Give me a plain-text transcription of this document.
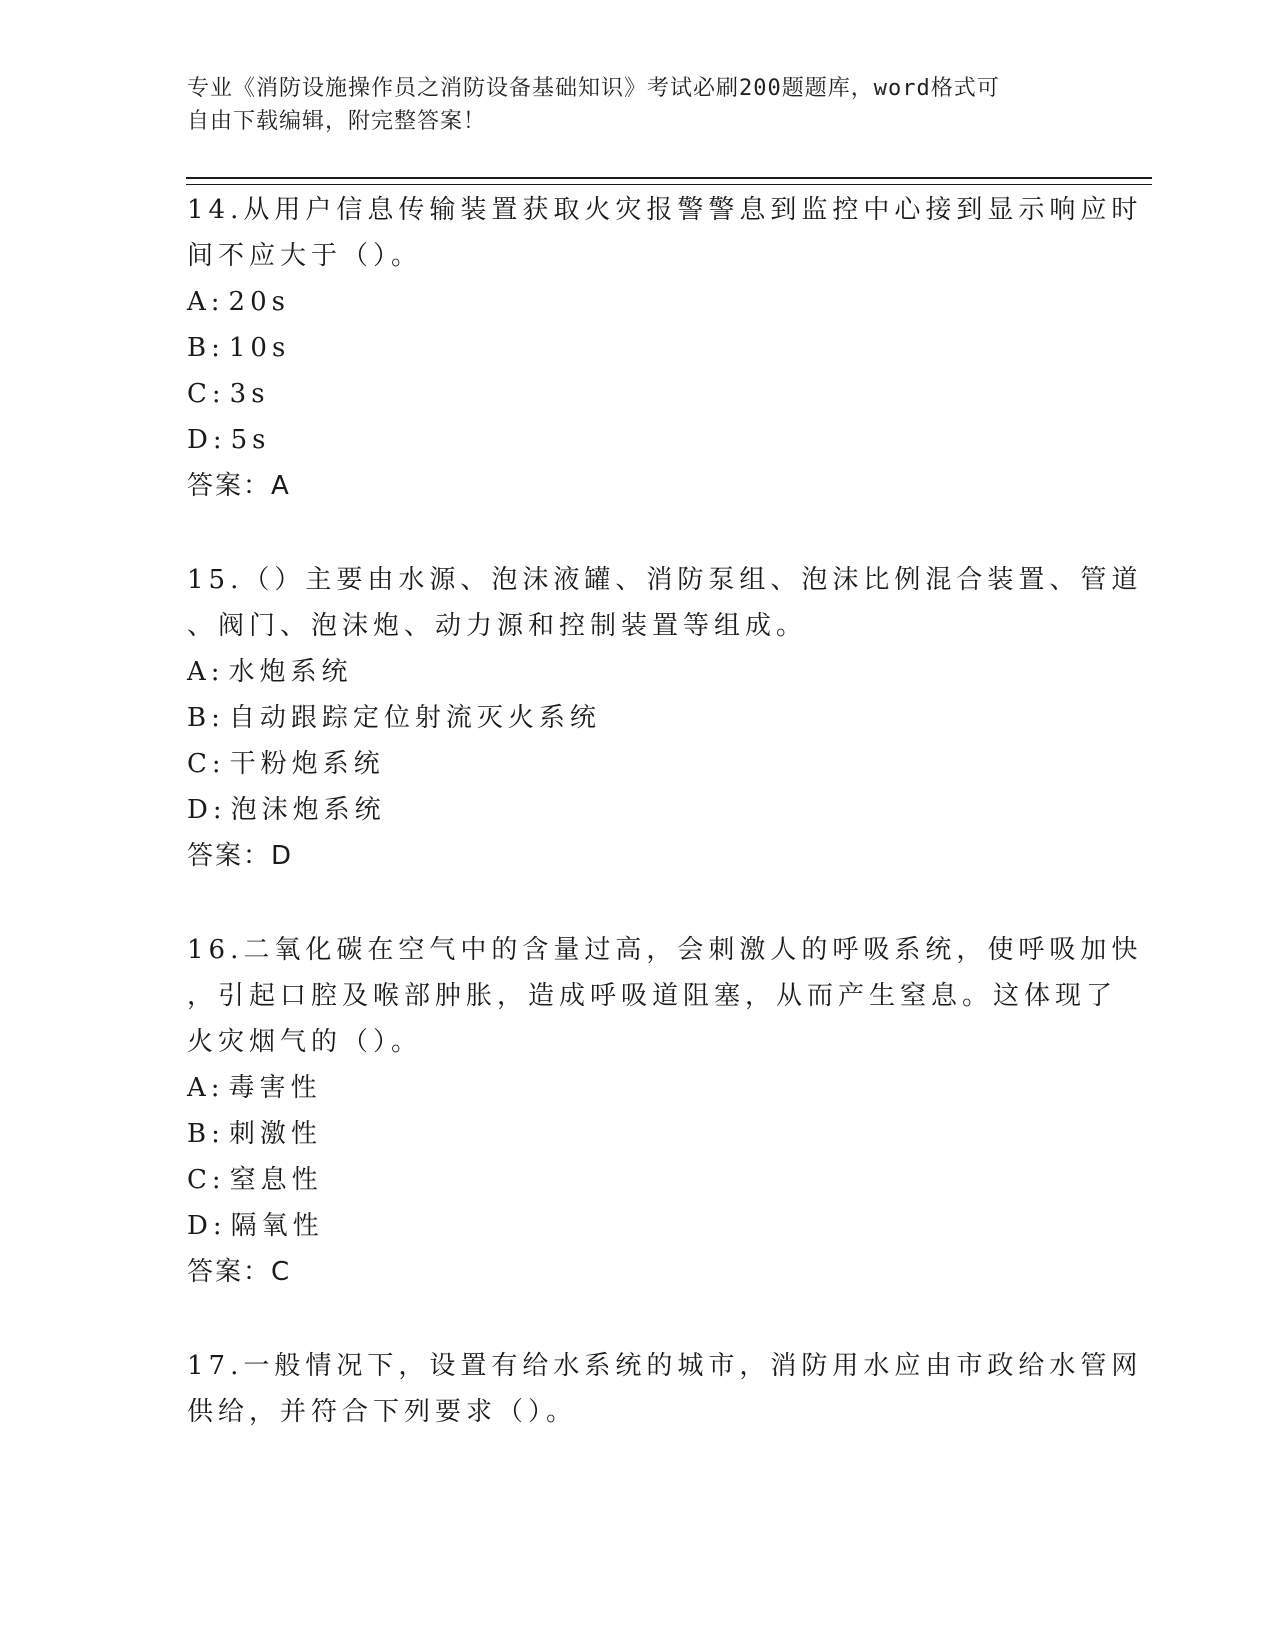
专业《消防设施操作员之消防设备基础知识》考试必刷200题题库，word格式可
自由下载编辑，附完整答案！
14.从用户信息传输装置获取火灾报警警息到监控中心接到显示响应时
间不应大于（）。
A: 20s
B: 10s
C: 3s
D: 5s
答案：A
15.（）主要由水源、泡沫液罐、消防泵组、泡沫比例混合装置、管道
、阀门、泡沫炮、动力源和控制装置等组成。
A: 水炮系统
B: 自动跟踪定位射流灭火系统
C: 干粉炮系统
D: 泡沫炮系统
答案：D
16.二氧化碳在空气中的含量过高，会刺激人的呼吸系统，使呼吸加快
，引起口腔及喉部肿胀，造成呼吸道阻塞，从而产生窒息。这体现了
火灾烟气的（）。
A: 毒害性
B: 刺激性
C: 窒息性
D: 隔氧性
答案：C
17.一般情况下，设置有给水系统的城市，消防用水应由市政给水管网
供给，并符合下列要求（）。
